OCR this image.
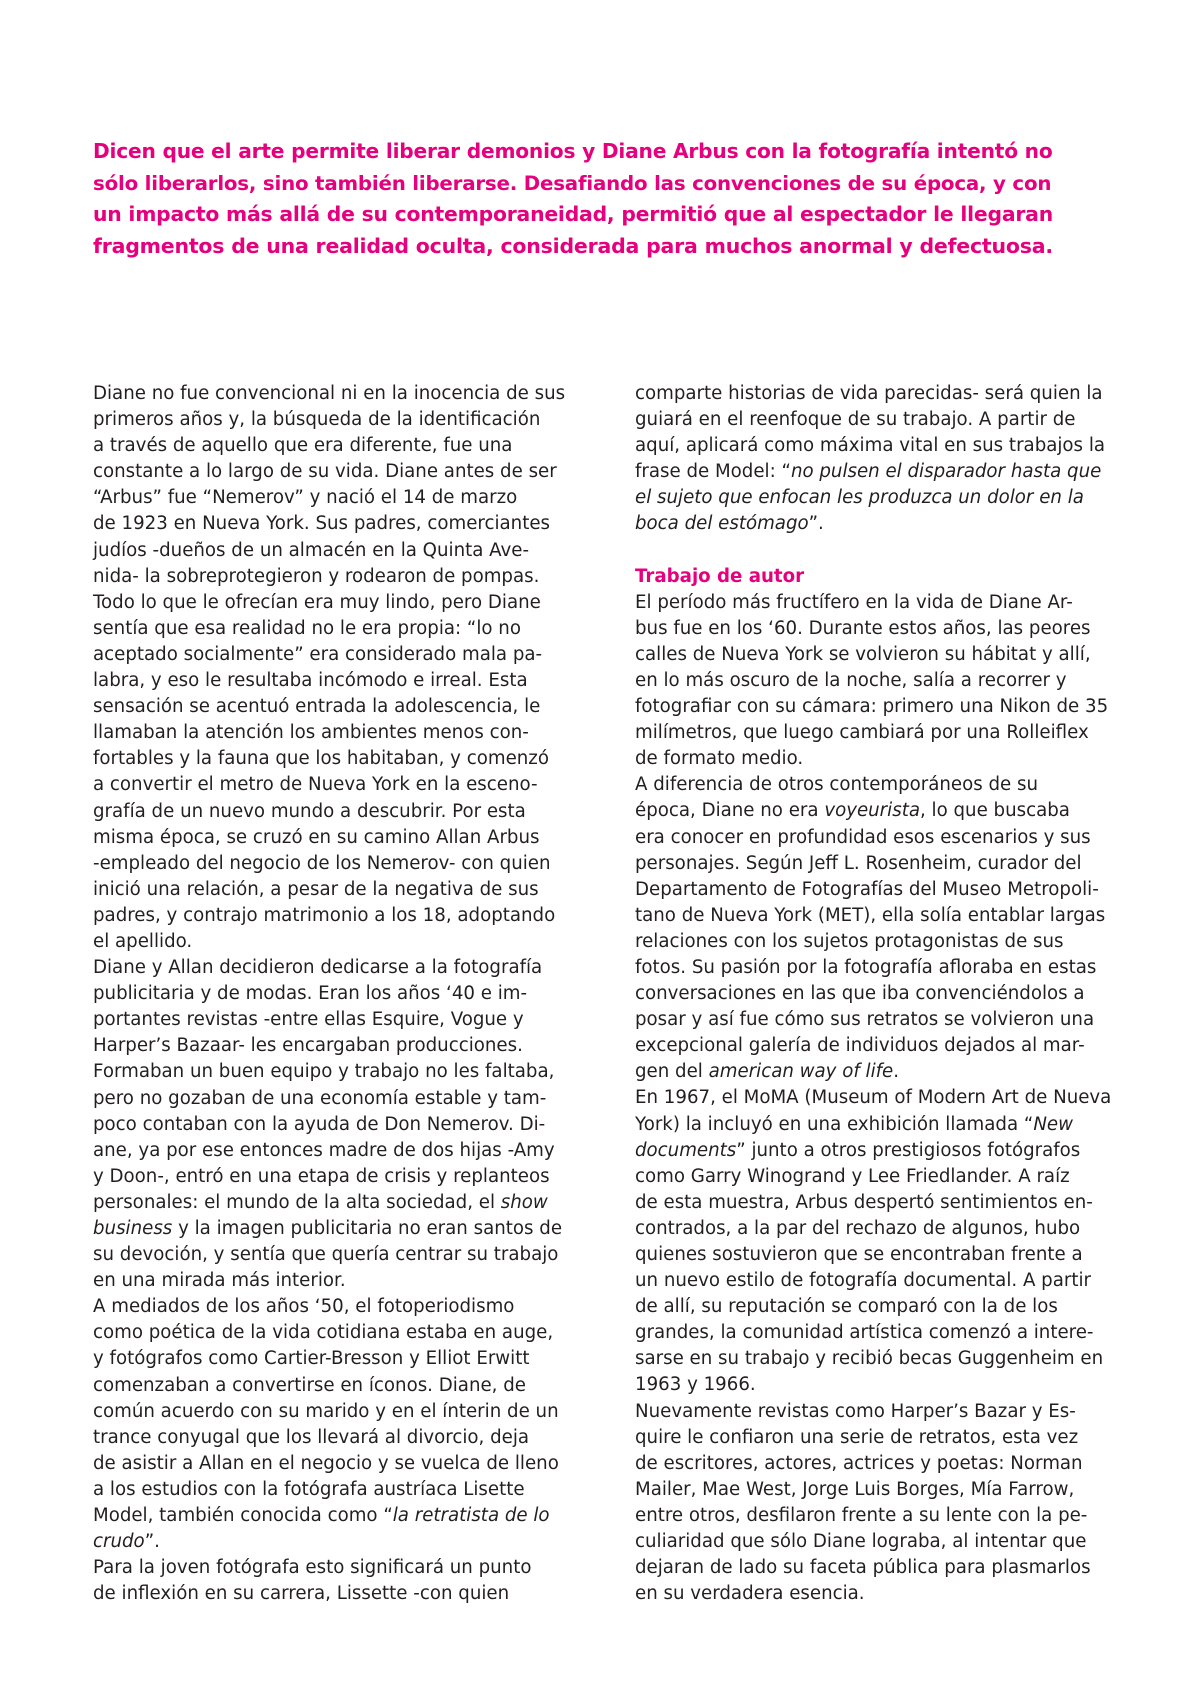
Dicen que el arte permite liberar demonios y Diane Arbus con la fotografía intentó no
sólo liberarlos, sino también liberarse. Desafiando las convenciones de su época, y con
un impacto más allá de su contemporaneidad, permitió que al espectador le llegaran
fragmentos de una realidad oculta, considerada para muchos anormal y defectuosa.
Diane no fue convencional ni en la inocencia de sus
primeros años y, la búsqueda de la identificación
a través de aquello que era diferente, fue una
constante a lo largo de su vida. Diane antes de ser
“Arbus” fue “Nemerov” y nació el 14 de marzo
de 1923 en Nueva York. Sus padres, comerciantes
judíos -dueños de un almacén en la Quinta Ave-
nida- la sobreprotegieron y rodearon de pompas.
Todo lo que le ofrecían era muy lindo, pero Diane
sentía que esa realidad no le era propia: “lo no
aceptado socialmente” era considerado mala pa-
labra, y eso le resultaba incómodo e irreal. Esta
sensación se acentuó entrada la adolescencia, le
llamaban la atención los ambientes menos con-
fortables y la fauna que los habitaban, y comenzó
a convertir el metro de Nueva York en la esceno-
grafía de un nuevo mundo a descubrir. Por esta
misma época, se cruzó en su camino Allan Arbus
-empleado del negocio de los Nemerov- con quien
inició una relación, a pesar de la negativa de sus
padres, y contrajo matrimonio a los 18, adoptando
el apellido.
Diane y Allan decidieron dedicarse a la fotografía
publicitaria y de modas. Eran los años ‘40 e im-
portantes revistas -entre ellas Esquire, Vogue y
Harper’s Bazaar- les encargaban producciones.
Formaban un buen equipo y trabajo no les faltaba,
pero no gozaban de una economía estable y tam-
poco contaban con la ayuda de Don Nemerov. Di-
ane, ya por ese entonces madre de dos hijas -Amy
y Doon-, entró en una etapa de crisis y replanteos
personales: el mundo de la alta sociedad, el show
business y la imagen publicitaria no eran santos de
su devoción, y sentía que quería centrar su trabajo
en una mirada más interior.
A mediados de los años ‘50, el fotoperiodismo
como poética de la vida cotidiana estaba en auge,
y fotógrafos como Cartier-Bresson y Elliot Erwitt
comenzaban a convertirse en íconos. Diane, de
común acuerdo con su marido y en el ínterin de un
trance conyugal que los llevará al divorcio, deja
de asistir a Allan en el negocio y se vuelca de lleno
a los estudios con la fotógrafa austríaca Lisette
Model, también conocida como “la retratista de lo
crudo”.
Para la joven fotógrafa esto significará un punto
de inflexión en su carrera, Lissette -con quien
comparte historias de vida parecidas- será quien la
guiará en el reenfoque de su trabajo. A partir de
aquí, aplicará como máxima vital en sus trabajos la
frase de Model: “no pulsen el disparador hasta que
el sujeto que enfocan les produzca un dolor en la
boca del estómago”.
Trabajo de autor
El período más fructífero en la vida de Diane Ar-
bus fue en los ‘60. Durante estos años, las peores
calles de Nueva York se volvieron su hábitat y allí,
en lo más oscuro de la noche, salía a recorrer y
fotografiar con su cámara: primero una Nikon de 35
milímetros, que luego cambiará por una Rolleiflex
de formato medio.
A diferencia de otros contemporáneos de su
época, Diane no era voyeurista, lo que buscaba
era conocer en profundidad esos escenarios y sus
personajes. Según Jeff L. Rosenheim, curador del
Departamento de Fotografías del Museo Metropoli-
tano de Nueva York (MET), ella solía entablar largas
relaciones con los sujetos protagonistas de sus
fotos. Su pasión por la fotografía afloraba en estas
conversaciones en las que iba convenciéndolos a
posar y así fue cómo sus retratos se volvieron una
excepcional galería de individuos dejados al mar-
gen del american way of life.
En 1967, el MoMA (Museum of Modern Art de Nueva
York) la incluyó en una exhibición llamada “New
documents” junto a otros prestigiosos fotógrafos
como Garry Winogrand y Lee Friedlander. A raíz
de esta muestra, Arbus despertó sentimientos en-
contrados, a la par del rechazo de algunos, hubo
quienes sostuvieron que se encontraban frente a
un nuevo estilo de fotografía documental. A partir
de allí, su reputación se comparó con la de los
grandes, la comunidad artística comenzó a intere-
sarse en su trabajo y recibió becas Guggenheim en
1963 y 1966.
Nuevamente revistas como Harper’s Bazar y Es-
quire le confiaron una serie de retratos, esta vez
de escritores, actores, actrices y poetas: Norman
Mailer, Mae West, Jorge Luis Borges, Mía Farrow,
entre otros, desfilaron frente a su lente con la pe-
culiaridad que sólo Diane lograba, al intentar que
dejaran de lado su faceta pública para plasmarlos
en su verdadera esencia.
